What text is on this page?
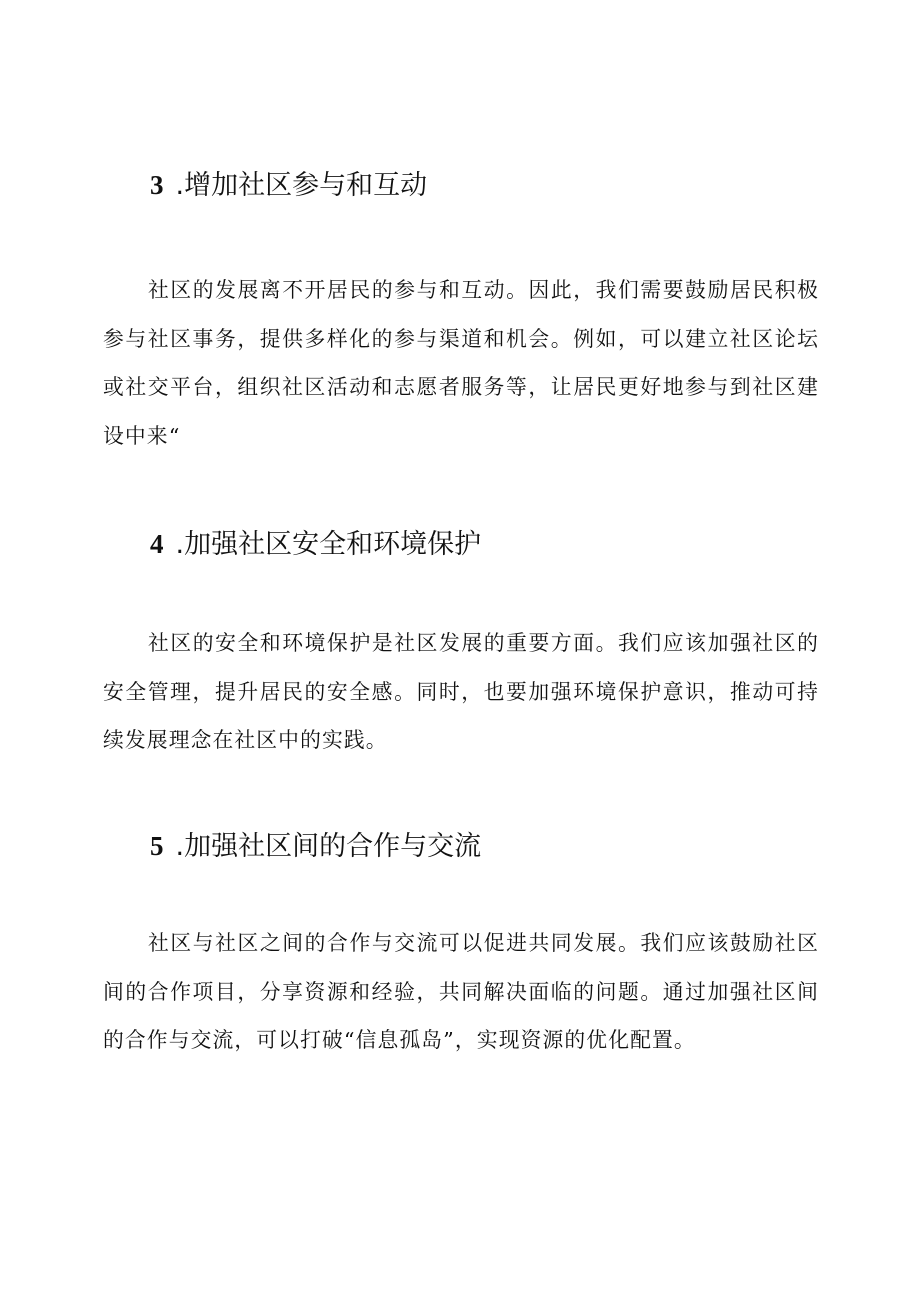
3 .增加社区参与和互动

社区的发展离不开居民的参与和互动。因此，我们需要鼓励居民积极参与社区事务，提供多样化的参与渠道和机会。例如，可以建立社区论坛或社交平台，组织社区活动和志愿者服务等，让居民更好地参与到社区建设中来“

4 .加强社区安全和环境保护

社区的安全和环境保护是社区发展的重要方面。我们应该加强社区的安全管理，提升居民的安全感。同时，也要加强环境保护意识，推动可持续发展理念在社区中的实践。

5 .加强社区间的合作与交流

社区与社区之间的合作与交流可以促进共同发展。我们应该鼓励社区间的合作项目，分享资源和经验，共同解决面临的问题。通过加强社区间的合作与交流，可以打破“信息孤岛”，实现资源的优化配置。
